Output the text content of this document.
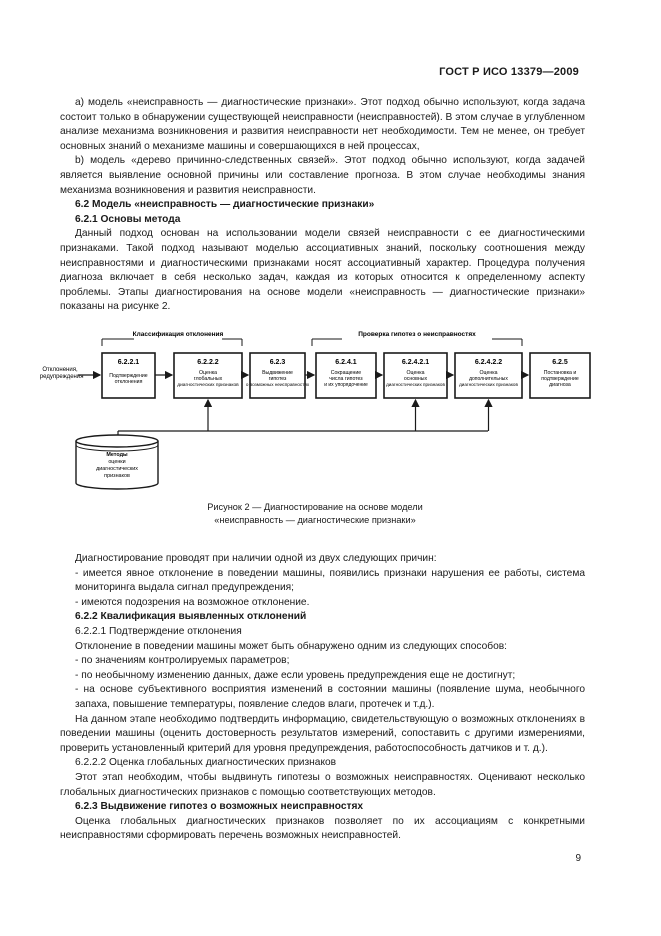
ГОСТ Р ИСО 13379—2009

а) модель «неисправность — диагностические признаки». Этот подход обычно используют, когда задача состоит только в обнаружении существующей неисправности (неисправностей). В этом случае в углубленном анализе механизма возникновения и развития неисправности нет необходимости. Тем не менее, он требует основных знаний о механизме машины и совершающихся в ней процессах,

b) модель «дерево причинно-следственных связей». Этот подход обычно используют, когда задачей является выявление основной причины или составление прогноза. В этом случае необходимы знания механизма возникновения и развития неисправности.

6.2 Модель «неисправность — диагностические признаки»

6.2.1 Основы метода

Данный подход основан на использовании модели связей неисправности с ее диагностическими признаками. Такой подход называют моделью ассоциативных знаний, поскольку соотношения между неисправностями и диагностическими признаками носят ассоциативный характер. Процедура получения диагноза включает в себя несколько задач, каждая из которых относится к определенному аспекту проблемы. Этапы диагностирования на основе модели «неисправность — диагностические признаки» показаны на рисунке 2.

Классификация отклонения	Проверка гипотез о неисправностях
Отклонения,
предупреждения
6.2.2.1
Подтверждение
отклонения
6.2.2.2
Оценка
глобальных
диагностических признаков
6.2.3
Выдвижение
гипотез
о возможных неисправностях
6.2.4.1
Сокращение
числа гипотез
и их упорядочение
6.2.4.2.1
Оценка
основных
диагностических признаков
6.2.4.2.2
Оценка
дополнительных
диагностических признаков
6.2.5
Постановка и
подтверждение
диагноза
Методы
оценки
диагностических
признаков
Рисунок 2 — Диагностирование на основе модели
«неисправность — диагностические признаки»

Диагностирование проводят при наличии одной из двух следующих причин:

- имеется явное отклонение в поведении машины, появились признаки нарушения ее работы, система мониторинга выдала сигнал предупреждения;

- имеются подозрения на возможное отклонение.

6.2.2 Квалификация выявленных отклонений

6.2.2.1 Подтверждение отклонения

Отклонение в поведении машины может быть обнаружено одним из следующих способов:

- по значениям контролируемых параметров;

- по необычному изменению данных, даже если уровень предупреждения еще не достигнут;

- на основе субъективного восприятия изменений в состоянии машины (появление шума, необычного запаха, повышение температуры, появление следов влаги, протечек и т.д.).

На данном этапе необходимо подтвердить информацию, свидетельствующую о возможных отклонениях в поведении машины (оценить достоверность результатов измерений, сопоставить с другими измерениями, проверить установленный критерий для уровня предупреждения, работоспособность датчиков и т. д.).

6.2.2.2 Оценка глобальных диагностических признаков

Этот этап необходим, чтобы выдвинуть гипотезы о возможных неисправностях. Оценивают несколько глобальных диагностических признаков с помощью соответствующих методов.

6.2.3 Выдвижение гипотез о возможных неисправностях

Оценка глобальных диагностических признаков позволяет по их ассоциациям с конкретными неисправностями сформировать перечень возможных неисправностей.

9
